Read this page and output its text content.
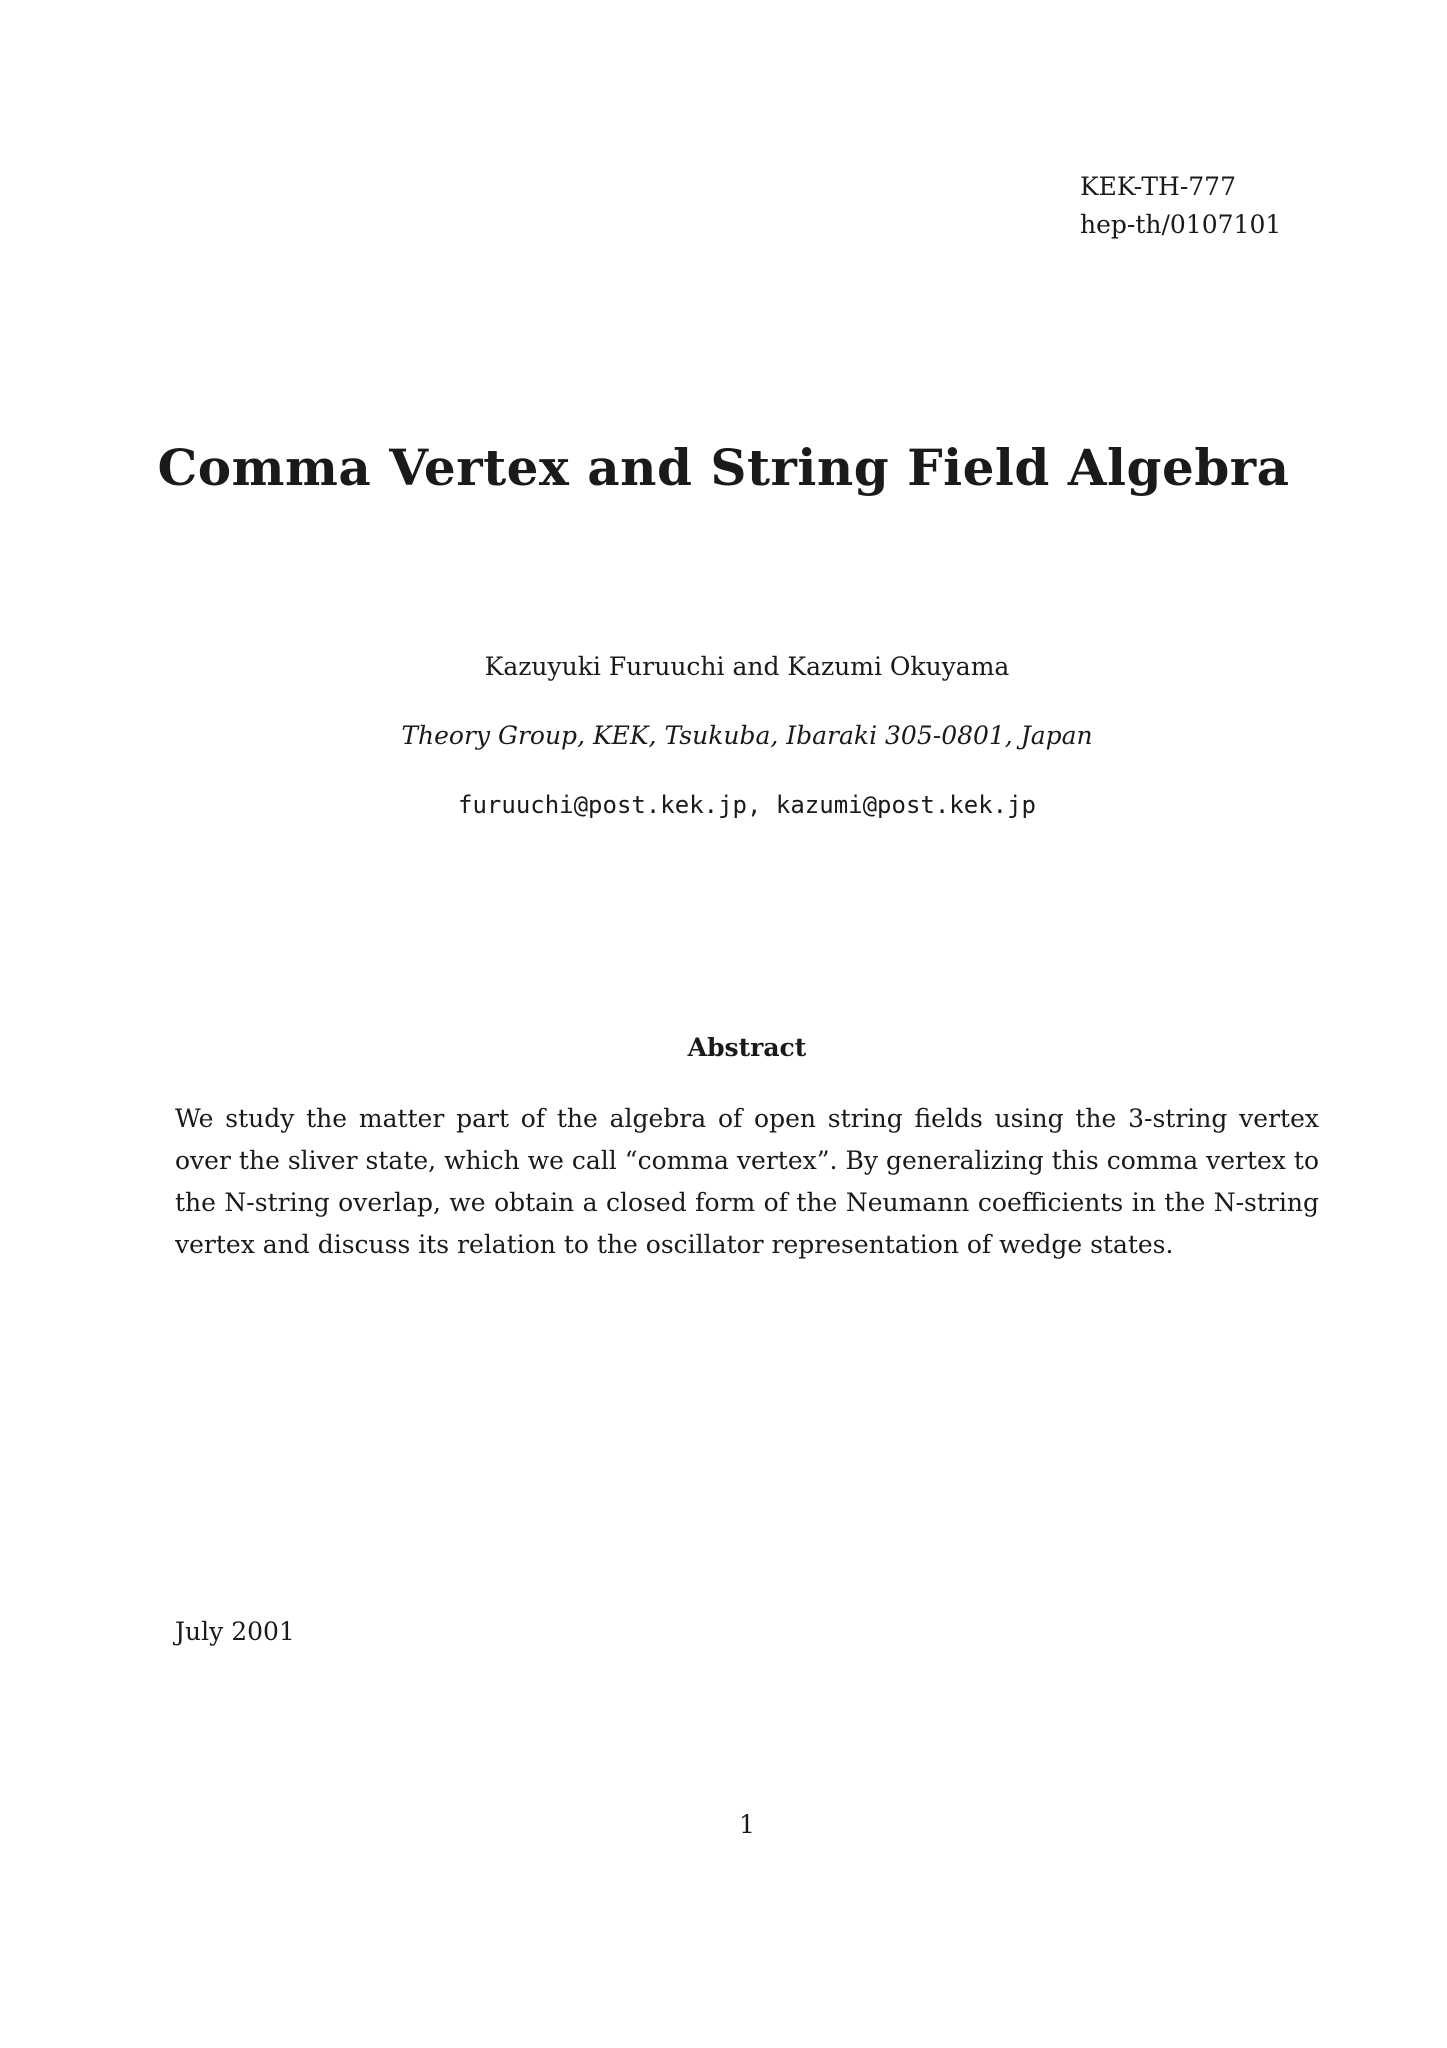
KEK-TH-777
hep-th/0107101
Comma Vertex and String Field Algebra
Kazuyuki Furuuchi and Kazumi Okuyama
Theory Group, KEK, Tsukuba, Ibaraki 305-0801, Japan
furuuchi@post.kek.jp, kazumi@post.kek.jp
Abstract

We study the matter part of the algebra of open string fields using the 3-string vertex over the sliver state, which we call “comma vertex”. By generalizing this comma vertex to the N-string overlap, we obtain a closed form of the Neumann coefficients in the N-string vertex and discuss its relation to the oscillator representation of wedge states.

July 2001
1
